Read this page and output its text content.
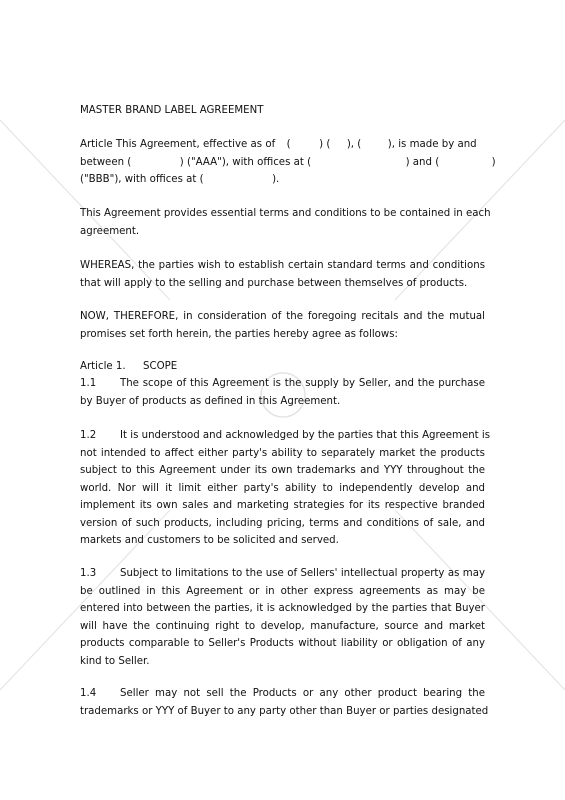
MASTER BRAND LABEL AGREEMENT
Article This Agreement, effective as of (	) ( ), (	), is made by and
between (	) ("AAA"), with offices at (	) and (	)
("BBB"), with offices at (	).
This Agreement provides essential terms and conditions to be contained in each
agreement.
WHEREAS, the parties wish to establish certain standard terms and conditions
that will apply to the selling and purchase between themselves of products.
NOW, THEREFORE, in consideration of the foregoing recitals and the mutual
promises set forth herein, the parties hereby agree as follows:
Article 1. SCOPE
1.1 The scope of this Agreement is the supply by Seller, and the purchase
by Buyer of products as defined in this Agreement.
1.2 It is understood and acknowledged by the parties that this Agreement is
not intended to affect either party's ability to separately market the products
subject to this Agreement under its own trademarks and YYY throughout the
world. Nor will it limit either party's ability to independently develop and
implement its own sales and marketing strategies for its respective branded
version of such products, including pricing, terms and conditions of sale, and
markets and customers to be solicited and served.
1.3 Subject to limitations to the use of Sellers' intellectual property as may
be outlined in this Agreement or in other express agreements as may be
entered into between the parties, it is acknowledged by the parties that Buyer
will have the continuing right to develop, manufacture, source and market
products comparable to Seller's Products without liability or obligation of any
kind to Seller.
1.4 Seller may not sell the Products or any other product bearing the
trademarks or YYY of Buyer to any party other than Buyer or parties designated
